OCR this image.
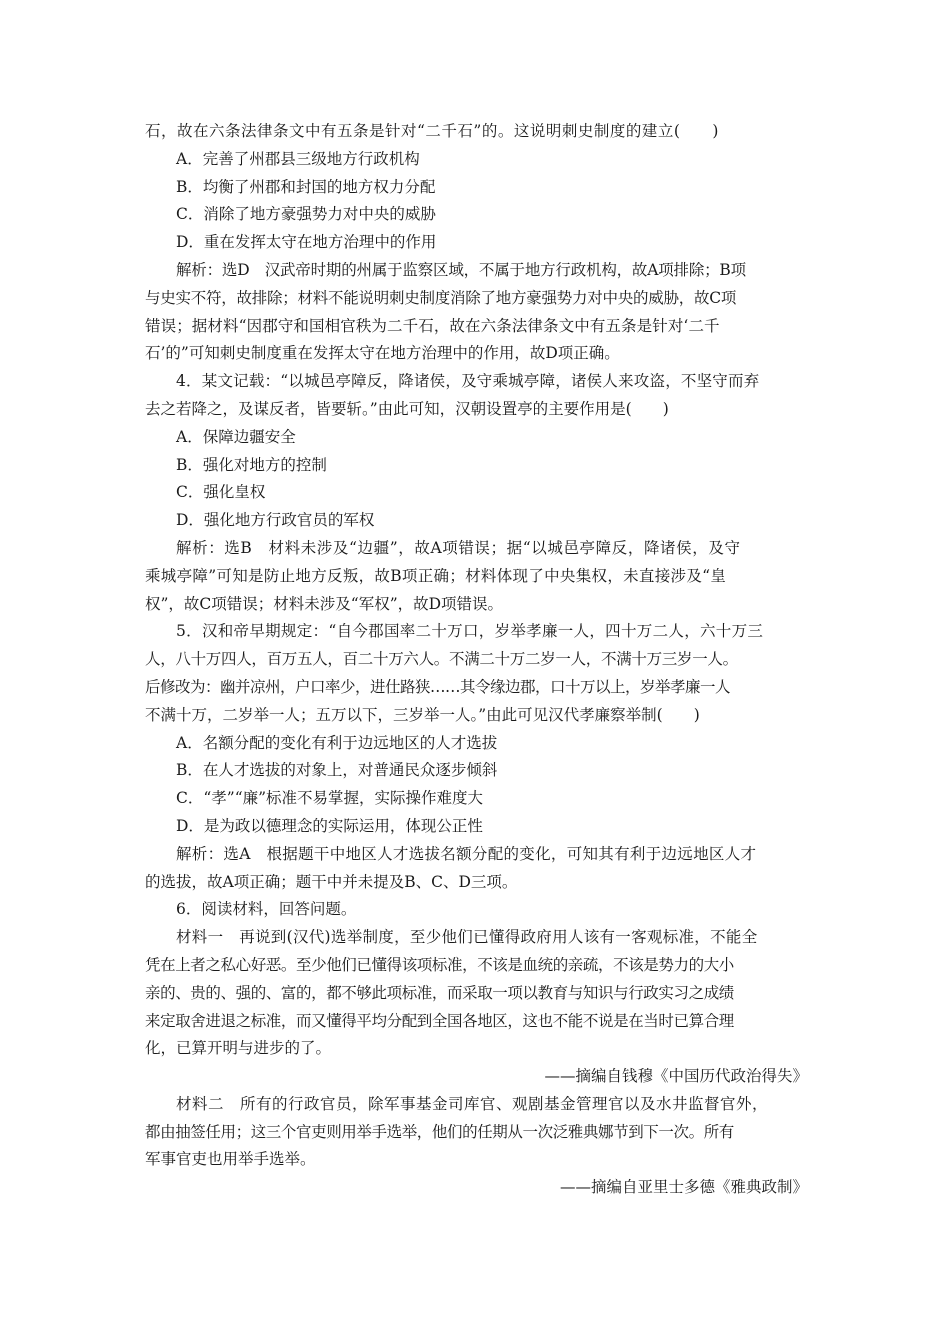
石，故在六条法律条文中有五条是针对“二千石”的。这说明刺史制度的建立(　　)
A．完善了州郡县三级地方行政机构
B．均衡了州郡和封国的地方权力分配
C．消除了地方豪强势力对中央的威胁
D．重在发挥太守在地方治理中的作用
解析：选D　汉武帝时期的州属于监察区域，不属于地方行政机构，故A项排除；B项
与史实不符，故排除；材料不能说明刺史制度消除了地方豪强势力对中央的威胁，故C项
错误；据材料“因郡守和国相官秩为二千石，故在六条法律条文中有五条是针对‘二千
石’的”可知刺史制度重在发挥太守在地方治理中的作用，故D项正确。
4．某文记载：“以城邑亭障反，降诸侯，及守乘城亭障，诸侯人来攻盗，不坚守而弃
去之若降之，及谋反者，皆要斩。”由此可知，汉朝设置亭的主要作用是(　　)
A．保障边疆安全
B．强化对地方的控制
C．强化皇权
D．强化地方行政官员的军权
解析：选B　材料未涉及“边疆”，故A项错误；据“以城邑亭障反，降诸侯，及守
乘城亭障”可知是防止地方反叛，故B项正确；材料体现了中央集权，未直接涉及“皇
权”，故C项错误；材料未涉及“军权”，故D项错误。
5．汉和帝早期规定：“自今郡国率二十万口，岁举孝廉一人，四十万二人，六十万三
人，八十万四人，百万五人，百二十万六人。不满二十万二岁一人，不满十万三岁一人。
后修改为：幽并凉州，户口率少，进仕路狭……其令缘边郡，口十万以上，岁举孝廉一人
不满十万，二岁举一人；五万以下，三岁举一人。”由此可见汉代孝廉察举制(　　)
A．名额分配的变化有利于边远地区的人才选拔
B．在人才选拔的对象上，对普通民众逐步倾斜
C．“孝”“廉”标准不易掌握，实际操作难度大
D．是为政以德理念的实际运用，体现公正性
解析：选A　根据题干中地区人才选拔名额分配的变化，可知其有利于边远地区人才
的选拔，故A项正确；题干中并未提及B、C、D三项。
6．阅读材料，回答问题。
材料一　再说到(汉代)选举制度，至少他们已懂得政府用人该有一客观标准，不能全
凭在上者之私心好恶。至少他们已懂得该项标准，不该是血统的亲疏，不该是势力的大小
亲的、贵的、强的、富的，都不够此项标准，而采取一项以教育与知识与行政实习之成绩
来定取舍进退之标准，而又懂得平均分配到全国各地区，这也不能不说是在当时已算合理
化，已算开明与进步的了。
——摘编自钱穆《中国历代政治得失》
材料二　所有的行政官员，除军事基金司库官、观剧基金管理官以及水井监督官外，
都由抽签任用；这三个官吏则用举手选举，他们的任期从一次泛雅典娜节到下一次。所有
军事官吏也用举手选举。
——摘编自亚里士多德《雅典政制》
